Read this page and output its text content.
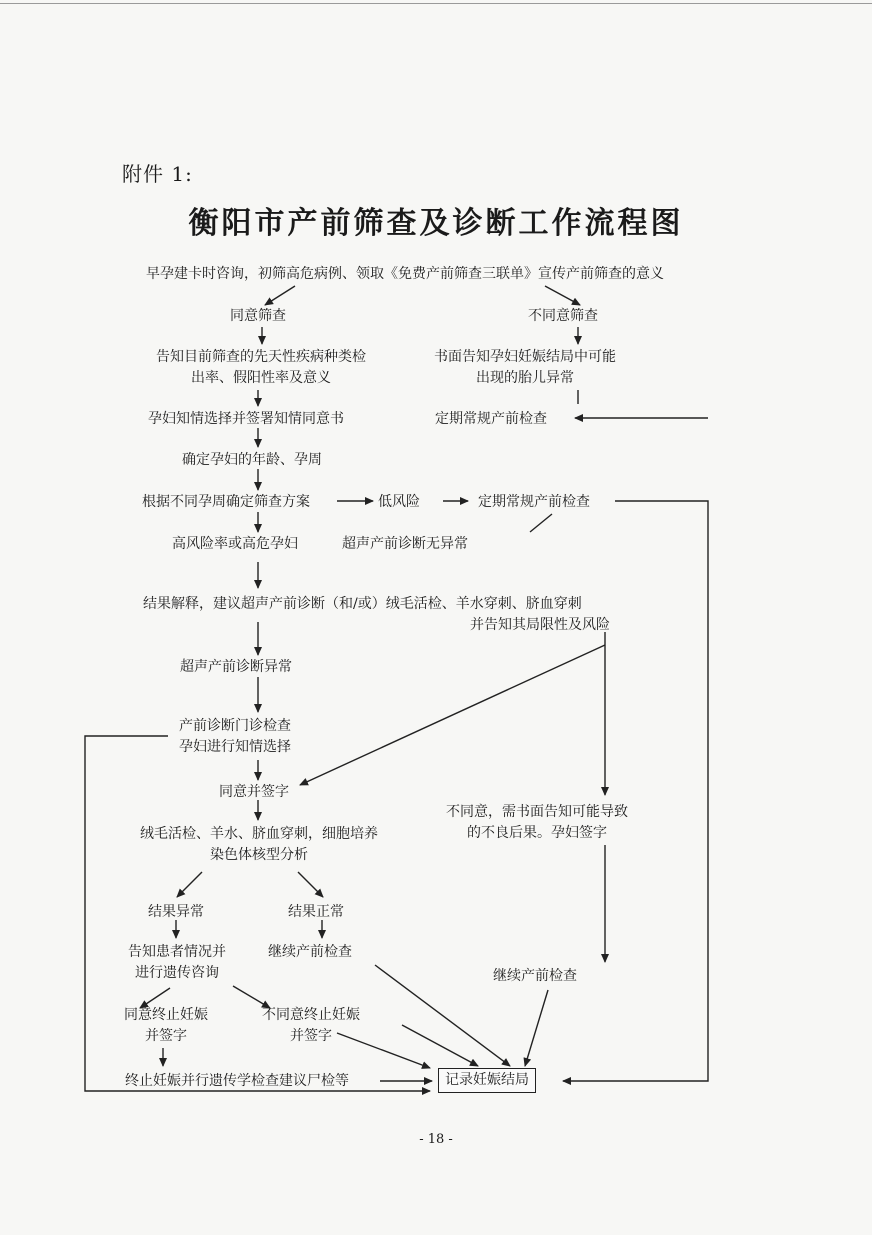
附件 1:
衡阳市产前筛查及诊断工作流程图
早孕建卡时咨询，初筛高危病例、领取《免费产前筛查三联单》宣传产前筛查的意义
同意筛查	不同意筛查
告知目前筛查的先天性疾病种类检
出率、假阳性率及意义
书面告知孕妇妊娠结局中可能
出现的胎儿异常
孕妇知情选择并签署知情同意书	定期常规产前检查
确定孕妇的年龄、孕周
根据不同孕周确定筛查方案	低风险	定期常规产前检查
高风险率或高危孕妇	超声产前诊断无异常
结果解释，建议超声产前诊断（和/或）绒毛活检、羊水穿刺、脐血穿刺
并告知其局限性及风险
超声产前诊断异常
产前诊断门诊检查
孕妇进行知情选择
同意并签字
不同意，需书面告知可能导致
的不良后果。孕妇签字
绒毛活检、羊水、脐血穿刺，细胞培养
染色体核型分析
结果异常	结果正常
告知患者情况并
进行遗传咨询
继续产前检查
继续产前检查
同意终止妊娠
并签字
不同意终止妊娠
并签字
终止妊娠并行遗传学检查建议尸检等	记录妊娠结局
- 18 -
